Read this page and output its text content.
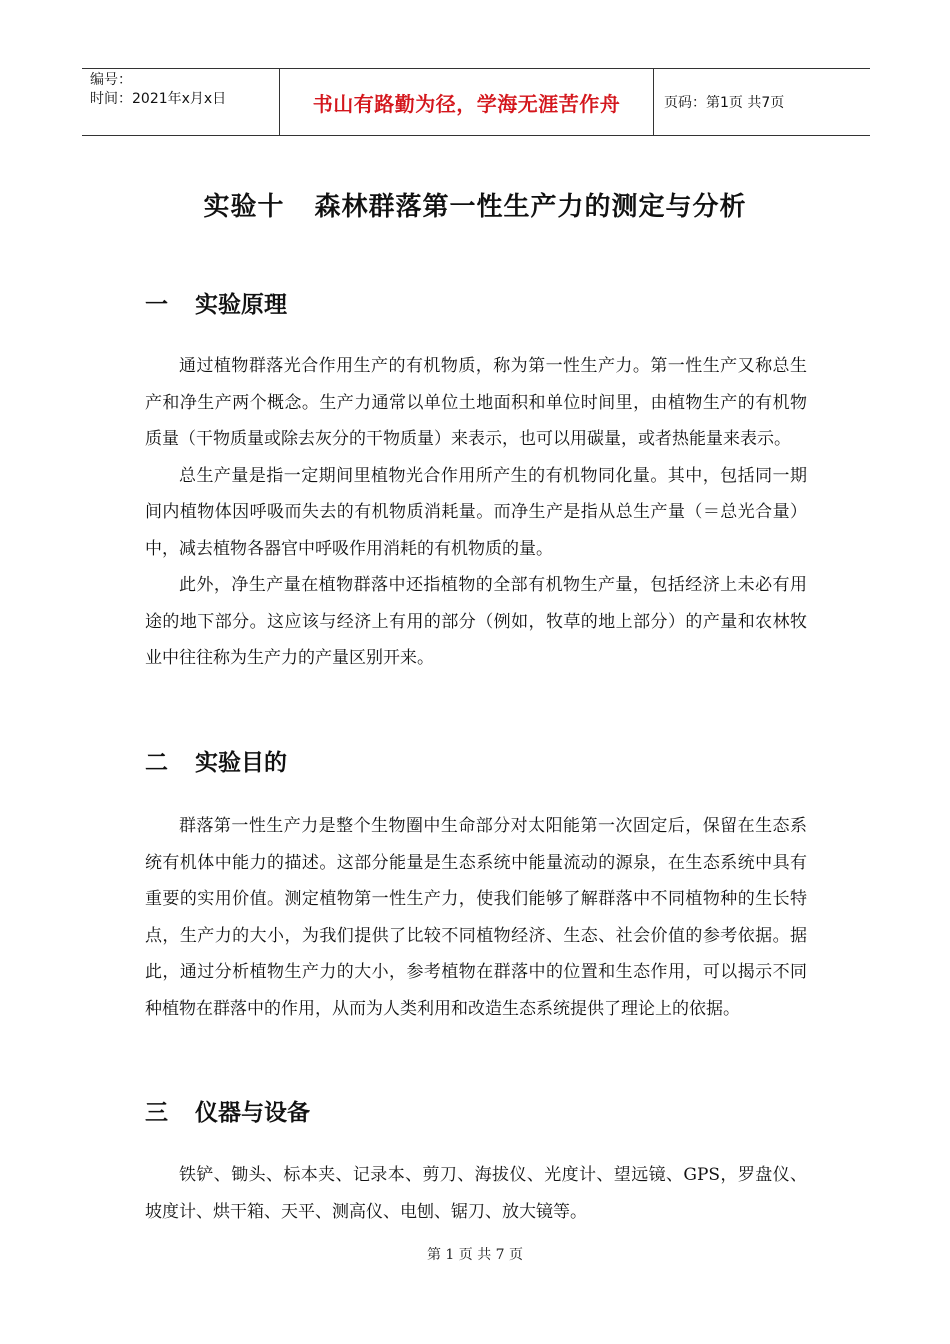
编号：
时间：2021年x月x日	书山有路勤为径，学海无涯苦作舟	页码：第1页 共7页
实验十 森林群落第一性生产力的测定与分析
一 实验原理

通过植物群落光合作用生产的有机物质，称为第一性生产力。第一性生产又称总生产和净生产两个概念。生产力通常以单位土地面积和单位时间里，由植物生产的有机物质量（干物质量或除去灰分的干物质量）来表示，也可以用碳量，或者热能量来表示。

总生产量是指一定期间里植物光合作用所产生的有机物同化量。其中，包括同一期间内植物体因呼吸而失去的有机物质消耗量。而净生产是指从总生产量（＝总光合量）中，减去植物各器官中呼吸作用消耗的有机物质的量。

此外，净生产量在植物群落中还指植物的全部有机物生产量，包括经济上未必有用途的地下部分。这应该与经济上有用的部分（例如，牧草的地上部分）的产量和农林牧业中往往称为生产力的产量区别开来。

二 实验目的

群落第一性生产力是整个生物圈中生命部分对太阳能第一次固定后，保留在生态系统有机体中能力的描述。这部分能量是生态系统中能量流动的源泉，在生态系统中具有重要的实用价值。测定植物第一性生产力，使我们能够了解群落中不同植物种的生长特点，生产力的大小，为我们提供了比较不同植物经济、生态、社会价值的参考依据。据此，通过分析植物生产力的大小，参考植物在群落中的位置和生态作用，可以揭示不同种植物在群落中的作用，从而为人类利用和改造生态系统提供了理论上的依据。

三 仪器与设备

铁铲、锄头、标本夹、记录本、剪刀、海拔仪、光度计、望远镜、GPS，罗盘仪、坡度计、烘干箱、天平、测高仪、电刨、锯刀、放大镜等。

第 1 页 共 7 页
